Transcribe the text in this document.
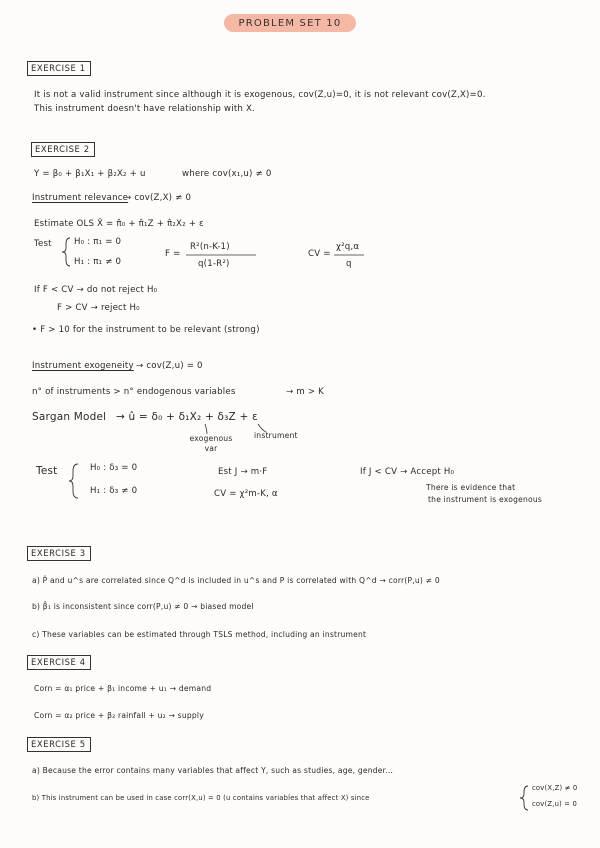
PROBLEM SET 10
EXERCISE 1
It is not a valid instrument since although it is exogenous, cov(Z,u)=0, it is not relevant cov(Z,X)=0.
This instrument doesn't have relationship with X.
EXERCISE 2
Y = β₀ + β₁X₁ + β₂X₂ + u	where cov(x₁,u) ≠ 0
Instrument relevance
→ cov(Z,X) ≠ 0
Estimate OLS X̂ = π̂₀ + π̂₁Z + π̂₂X₂ + ε
Test	H₀ : π₁ = 0
H₁ : π₁ ≠ 0
F =
R²(n-K-1)
q(1-R²)
CV =
χ²q,α
q
If F < CV → do not reject H₀
F > CV → reject H₀
• F > 10 for the instrument to be relevant (strong)
Instrument exogeneity → cov(Z,u) = 0
n° of instruments > n° endogenous variables	→ m > K
Sargan Model → û = δ₀ + δ₁X₂ + δ₃Z + ε
exogenous var
instrument
Test	H₀ : δ₃ = 0
H₁ : δ₃ ≠ 0
Est J → m·F
CV = χ²m-K, α
If J < CV → Accept H₀
There is evidence that
the instrument is exogenous
EXERCISE 3
a) P̂ and u^s are correlated since Q^d is included in u^s and P is correlated with Q^d → corr(P,u) ≠ 0
b) β̂₁ is inconsistent since corr(P,u) ≠ 0 → biased model
c) These variables can be estimated through TSLS method, including an instrument
EXERCISE 4
Corn = α₁ price + β₁ income + u₁ → demand
Corn = α₂ price + β₂ rainfall + u₂ → supply
EXERCISE 5
a) Because the error contains many variables that affect Y, such as studies, age, gender...
b) This instrument can be used in case corr(X,u) = 0 (u contains variables that affect X) since
cov(X,Z) ≠ 0
cov(Z,u) = 0
